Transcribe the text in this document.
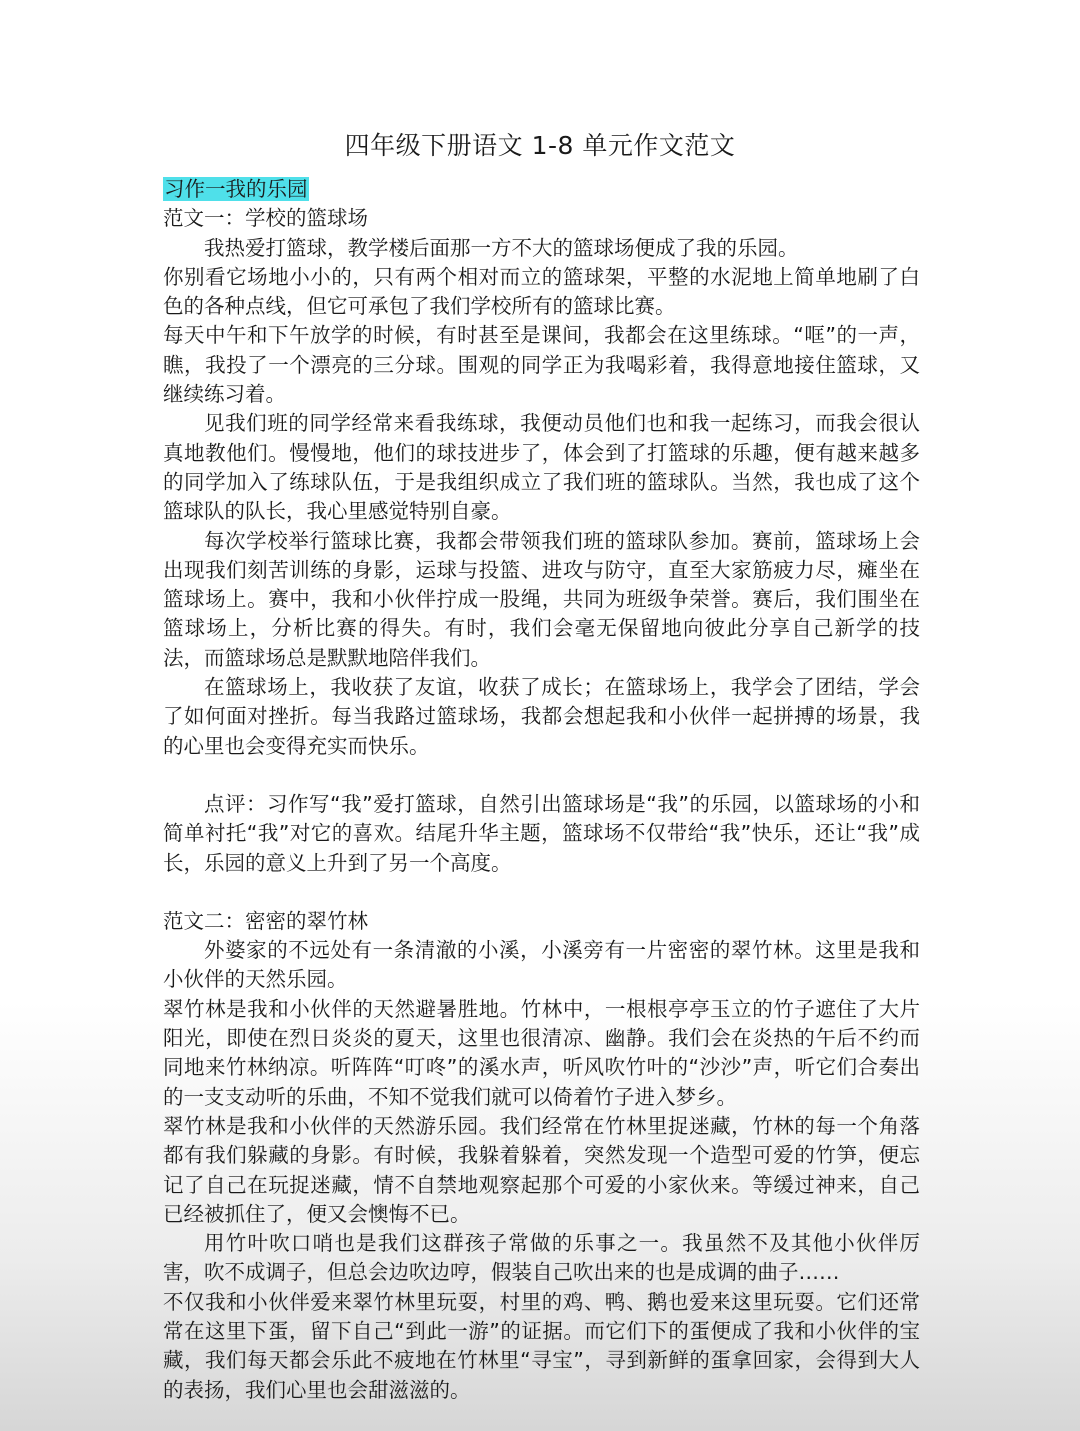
四年级下册语文 1-8 单元作文范文

习作一我的乐园

范文一：学校的篮球场

我热爱打篮球，教学楼后面那一方不大的篮球场便成了我的乐园。

你别看它场地小小的，只有两个相对而立的篮球架，平整的水泥地上简单地刷了白色的各种点线，但它可承包了我们学校所有的篮球比赛。

每天中午和下午放学的时候，有时甚至是课间，我都会在这里练球。“哐”的一声，瞧，我投了一个漂亮的三分球。围观的同学正为我喝彩着，我得意地接住篮球，又继续练习着。

见我们班的同学经常来看我练球，我便动员他们也和我一起练习，而我会很认真地教他们。慢慢地，他们的球技进步了，体会到了打篮球的乐趣，便有越来越多的同学加入了练球队伍，于是我组织成立了我们班的篮球队。当然，我也成了这个篮球队的队长，我心里感觉特别自豪。

每次学校举行篮球比赛，我都会带领我们班的篮球队参加。赛前，篮球场上会出现我们刻苦训练的身影，运球与投篮、进攻与防守，直至大家筋疲力尽，瘫坐在篮球场上。赛中，我和小伙伴拧成一股绳，共同为班级争荣誉。赛后，我们围坐在篮球场上，分析比赛的得失。有时，我们会毫无保留地向彼此分享自己新学的技法，而篮球场总是默默地陪伴我们。

在篮球场上，我收获了友谊，收获了成长；在篮球场上，我学会了团结，学会了如何面对挫折。每当我路过篮球场，我都会想起我和小伙伴一起拼搏的场景，我的心里也会变得充实而快乐。

点评：习作写“我”爱打篮球，自然引出篮球场是“我”的乐园，以篮球场的小和简单衬托“我”对它的喜欢。结尾升华主题，篮球场不仅带给“我”快乐，还让“我”成长，乐园的意义上升到了另一个高度。

范文二：密密的翠竹林

外婆家的不远处有一条清澈的小溪，小溪旁有一片密密的翠竹林。这里是我和小伙伴的天然乐园。

翠竹林是我和小伙伴的天然避暑胜地。竹林中，一根根亭亭玉立的竹子遮住了大片阳光，即使在烈日炎炎的夏天，这里也很清凉、幽静。我们会在炎热的午后不约而同地来竹林纳凉。听阵阵“叮咚”的溪水声，听风吹竹叶的“沙沙”声，听它们合奏出的一支支动听的乐曲，不知不觉我们就可以倚着竹子进入梦乡。

翠竹林是我和小伙伴的天然游乐园。我们经常在竹林里捉迷藏，竹林的每一个角落都有我们躲藏的身影。有时候，我躲着躲着，突然发现一个造型可爱的竹笋，便忘记了自己在玩捉迷藏，情不自禁地观察起那个可爱的小家伙来。等缓过神来，自己已经被抓住了，便又会懊悔不已。

用竹叶吹口哨也是我们这群孩子常做的乐事之一。我虽然不及其他小伙伴厉害，吹不成调子，但总会边吹边哼，假装自己吹出来的也是成调的曲子……

不仅我和小伙伴爱来翠竹林里玩耍，村里的鸡、鸭、鹅也爱来这里玩耍。它们还常常在这里下蛋，留下自己“到此一游”的证据。而它们下的蛋便成了我和小伙伴的宝藏，我们每天都会乐此不疲地在竹林里“寻宝”，寻到新鲜的蛋拿回家，会得到大人的表扬，我们心里也会甜滋滋的。
